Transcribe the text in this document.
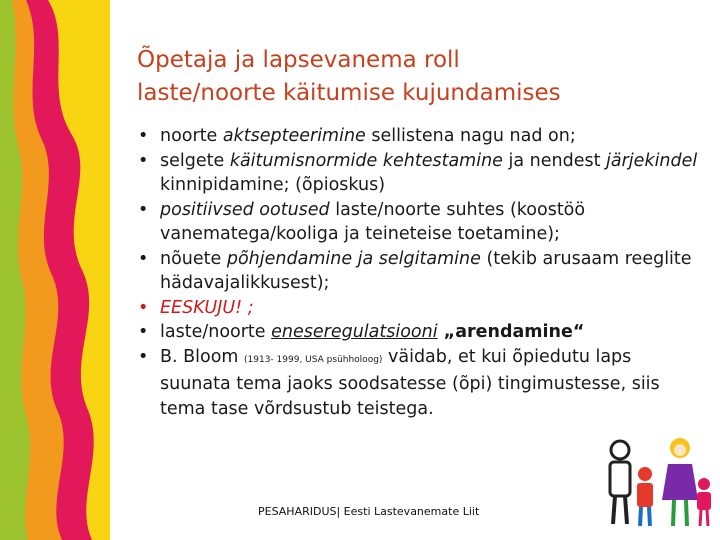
Õpetaja ja lapsevanema roll
laste/noorte käitumise kujundamises

• noorte aktsepteerimine sellistena nagu nad on;

• selgete käitumisnormide kehtestamine ja nendest järjekindel kinnipidamine; (õpioskus)

• positiivsed ootused laste/noorte suhtes (koostöö vanematega/kooliga ja teineteise toetamine);

• nõuete põhjendamine ja selgitamine (tekib arusaam reeglite hädavajalikkusest);

• EESKUJU! ;

• laste/noorte eneseregulatsiooni „arendamine“

• B. Bloom (1913- 1999, USA psühholoog) väidab, et kui õpiedutu laps suunata tema jaoks soodsatesse (õpi) tingimustesse, siis tema tase võrdsustub teistega.

PESAHARIDUS| Eesti Lastevanemate Liit
